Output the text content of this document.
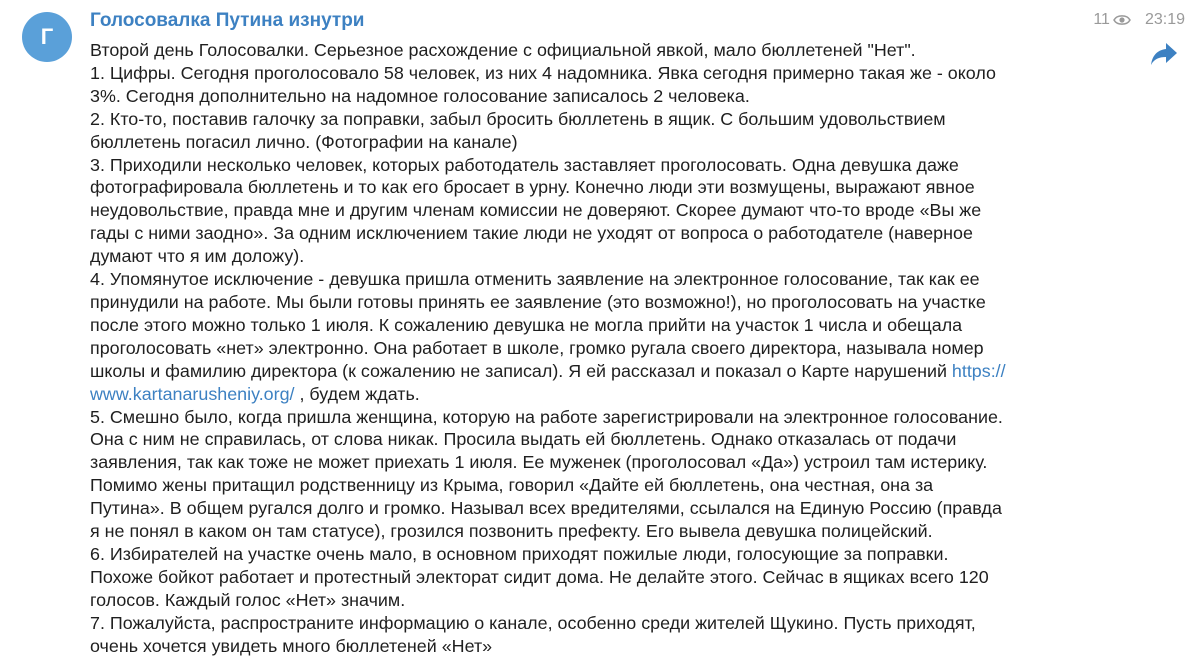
Г
Голосовалка Путина изнутри	11 23:19
Второй день Голосовалки. Серьезное расхождение с официальной явкой, мало бюллетеней "Нет".
1. Цифры. Сегодня проголосовало 58 человек, из них 4 надомника. Явка сегодня примерно такая же - около
3%. Сегодня дополнительно на надомное голосование записалось 2 человека.
2. Кто-то, поставив галочку за поправки, забыл бросить бюллетень в ящик. С большим удовольствием
бюллетень погасил лично. (Фотографии на канале)
3. Приходили несколько человек, которых работодатель заставляет проголосовать. Одна девушка даже
фотографировала бюллетень и то как его бросает в урну. Конечно люди эти возмущены, выражают явное
неудовольствие, правда мне и другим членам комиссии не доверяют. Скорее думают что-то вроде «Вы же
гады с ними заодно». За одним исключением такие люди не уходят от вопроса о работодателе (наверное
думают что я им доложу).
4. Упомянутое исключение - девушка пришла отменить заявление на электронное голосование, так как ее
принудили на работе. Мы были готовы принять ее заявление (это возможно!), но проголосовать на участке
после этого можно только 1 июля. К сожалению девушка не могла прийти на участок 1 числа и обещала
проголосовать «нет» электронно. Она работает в школе, громко ругала своего директора, называла номер
школы и фамилию директора (к сожалению не записал). Я ей рассказал и показал о Карте нарушений https://
www.kartanarusheniy.org/ , будем ждать.
5. Смешно было, когда пришла женщина, которую на работе зарегистрировали на электронное голосование.
Она с ним не справилась, от слова никак. Просила выдать ей бюллетень. Однако отказалась от подачи
заявления, так как тоже не может приехать 1 июля. Ее муженек (проголосовал «Да») устроил там истерику.
Помимо жены притащил родственницу из Крыма, говорил «Дайте ей бюллетень, она честная, она за
Путина». В общем ругался долго и громко. Называл всех вредителями, ссылался на Единую Россию (правда
я не понял в каком он там статусе), грозился позвонить префекту. Его вывела девушка полицейский.
6. Избирателей на участке очень мало, в основном приходят пожилые люди, голосующие за поправки.
Похоже бойкот работает и протестный электорат сидит дома. Не делайте этого. Сейчас в ящиках всего 120
голосов. Каждый голос «Нет» значим.
7. Пожалуйста, распространите информацию о канале, особенно среди жителей Щукино. Пусть приходят,
очень хочется увидеть много бюллетеней «Нет»
